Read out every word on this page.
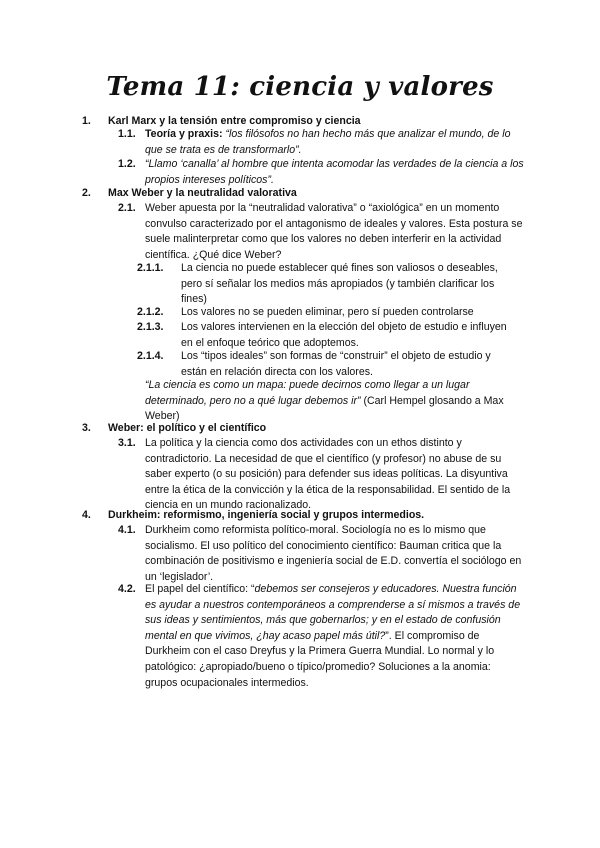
Tema 11: ciencia y valores
1. Karl Marx y la tensión entre compromiso y ciencia
1.1. Teoría y praxis: “los filósofos no han hecho más que analizar el mundo, de lo que se trata es de transformarlo”.
1.2. “Llamo ‘canalla’ al hombre que intenta acomodar las verdades de la ciencia a los propios intereses políticos”.
2. Max Weber y la neutralidad valorativa
2.1. Weber apuesta por la “neutralidad valorativa” o “axiológica” en un momento convulso caracterizado por el antagonismo de ideales y valores. Esta postura se suele malinterpretar como que los valores no deben interferir en la actividad científica. ¿Qué dice Weber?
2.1.1. La ciencia no puede establecer qué fines son valiosos o deseables, pero sí señalar los medios más apropiados (y también clarificar los fines)
2.1.2. Los valores no se pueden eliminar, pero sí pueden controlarse
2.1.3. Los valores intervienen en la elección del objeto de estudio e influyen en el enfoque teórico que adoptemos.
2.1.4. Los “tipos ideales” son formas de “construir” el objeto de estudio y están en relación directa con los valores.
“La ciencia es como un mapa: puede decirnos como llegar a un lugar determinado, pero no a qué lugar debemos ir” (Carl Hempel glosando a Max Weber)
3. Weber: el político y el científico
3.1. La política y la ciencia como dos actividades con un ethos distinto y contradictorio. La necesidad de que el científico (y profesor) no abuse de su saber experto (o su posición) para defender sus ideas políticas. La disyuntiva entre la ética de la convicción y la ética de la responsabilidad. El sentido de la ciencia en un mundo racionalizado.
4. Durkheim: reformismo, ingeniería social y grupos intermedios.
4.1. Durkheim como reformista político-moral. Sociología no es lo mismo que socialismo. El uso político del conocimiento científico: Bauman critica que la combinación de positivismo e ingeniería social de E.D. convertía el sociólogo en un ‘legislador’.
4.2. El papel del científico: “debemos ser consejeros y educadores. Nuestra función es ayudar a nuestros contemporáneos a comprenderse a sí mismos a través de sus ideas y sentimientos, más que gobernarlos; y en el estado de confusión mental en que vivimos, ¿hay acaso papel más útil?”. El compromiso de Durkheim con el caso Dreyfus y la Primera Guerra Mundial. Lo normal y lo patológico: ¿apropiado/bueno o típico/promedio? Soluciones a la anomia: grupos ocupacionales intermedios.
